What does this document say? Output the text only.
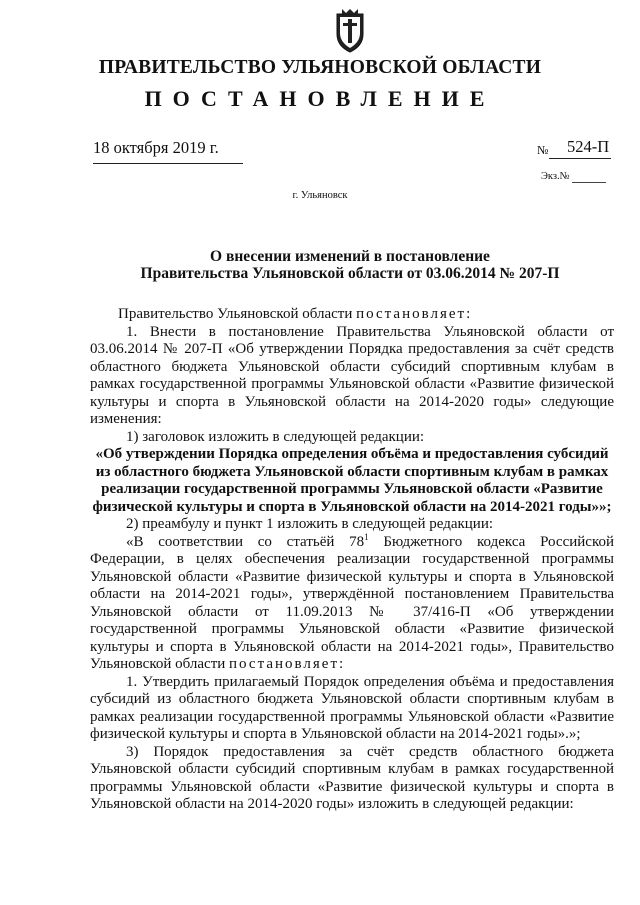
ПРАВИТЕЛЬСТВО УЛЬЯНОВСКОЙ ОБЛАСТИ
ПОСТАНОВЛЕНИЕ
18 октября 2019 г.	№ 524-П
Экз.№
г. Ульяновск
О внесении изменений в постановление
Правительства Ульяновской области от 03.06.2014 № 207-П

Правительство Ульяновской области постановляет:

1. Внести в постановление Правительства Ульяновской области от 03.06.2014 № 207-П «Об утверждении Порядка предоставления за счёт средств областного бюджета Ульяновской области субсидий спортивным клубам в рамках государственной программы Ульяновской области «Развитие физической культуры и спорта в Ульяновской области на 2014-2020 годы» следующие изменения:

1) заголовок изложить в следующей редакции:

«Об утверждении Порядка определения объёма и предоставления субсидий из областного бюджета Ульяновской области спортивным клубам в рамках реализации государственной программы Ульяновской области «Развитие физической культуры и спорта в Ульяновской области на 2014-2021 годы»»;

2) преамбулу и пункт 1 изложить в следующей редакции:

«В соответствии со статьёй $78^1$ Бюджетного кодекса Российской Федерации, в целях обеспечения реализации государственной программы Ульяновской области «Развитие физической культуры и спорта в Ульяновской области на 2014-2021 годы», утверждённой постановлением Правительства Ульяновской области от 11.09.2013 № 37/416-П «Об утверждении государственной программы Ульяновской области «Развитие физической культуры и спорта в Ульяновской области на 2014-2021 годы», Правительство Ульяновской области постановляет:

1. Утвердить прилагаемый Порядок определения объёма и предоставления субсидий из областного бюджета Ульяновской области спортивным клубам в рамках реализации государственной программы Ульяновской области «Развитие физической культуры и спорта в Ульяновской области на 2014-2021 годы».»;

3) Порядок предоставления за счёт средств областного бюджета Ульяновской области субсидий спортивным клубам в рамках государственной программы Ульяновской области «Развитие физической культуры и спорта в Ульяновской области на 2014-2020 годы» изложить в следующей редакции:
